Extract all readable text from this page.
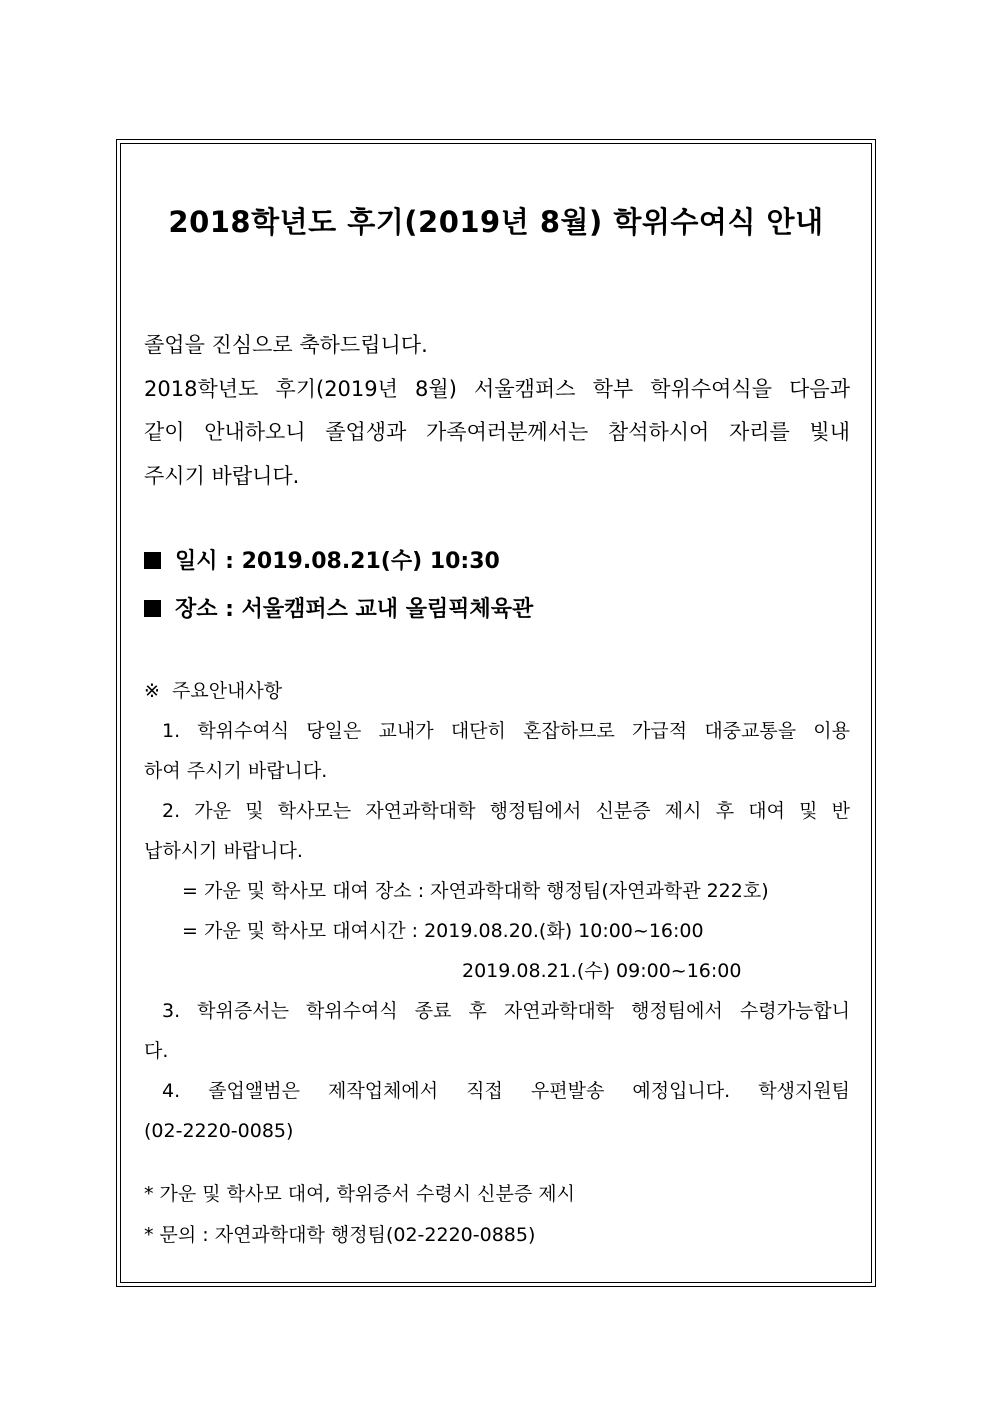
2018학년도 후기(2019년 8월) 학위수여식 안내
졸업을 진심으로 축하드립니다.
2018학년도 후기(2019년 8월) 서울캠퍼스 학부 학위수여식을 다음과
같이 안내하오니 졸업생과 가족여러분께서는 참석하시어 자리를 빛내
주시기 바랍니다.
일시 : 2019.08.21(수) 10:30
장소 : 서울캠퍼스 교내 올림픽체육관
※  주요안내사항
1. 학위수여식 당일은 교내가 대단히 혼잡하므로 가급적 대중교통을 이용
하여 주시기 바랍니다.
2. 가운 및 학사모는 자연과학대학 행정팀에서 신분증 제시 후 대여 및 반
납하시기 바랍니다.
= 가운 및 학사모 대여 장소 : 자연과학대학 행정팀(자연과학관 222호)
= 가운 및 학사모 대여시간 : 2019.08.20.(화) 10:00~16:00
2019.08.21.(수) 09:00~16:00
3. 학위증서는 학위수여식 종료 후 자연과학대학 행정팀에서 수령가능합니
다.
4. 졸업앨범은 제작업체에서 직접 우편발송 예정입니다. 학생지원팀
(02-2220-0085)
* 가운 및 학사모 대여, 학위증서 수령시 신분증 제시
* 문의 : 자연과학대학 행정팀(02-2220-0885)
